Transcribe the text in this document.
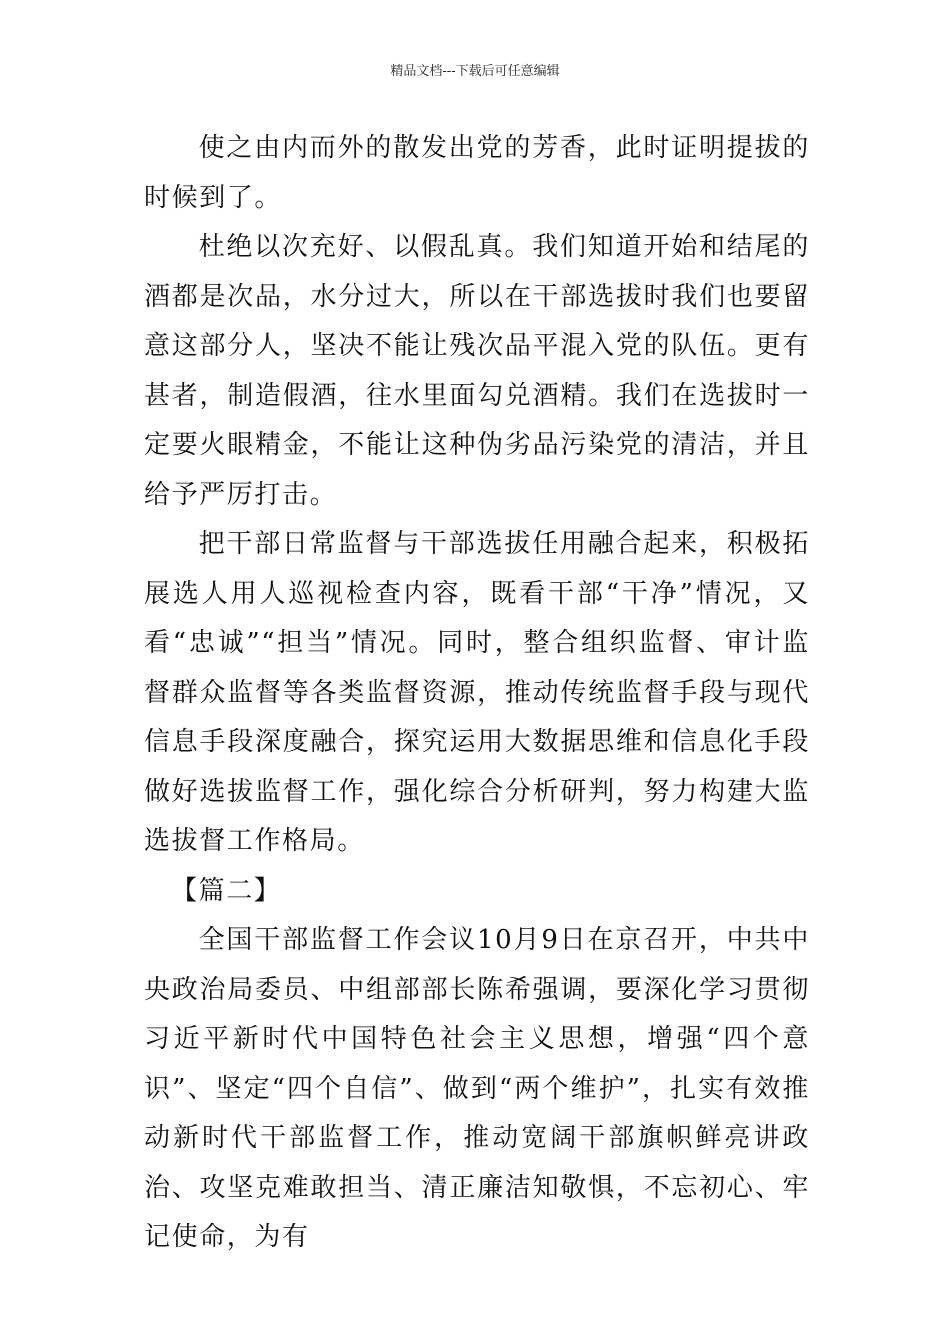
精品文档---下载后可任意编辑

使之由内而外的散发出党的芳香，此时证明提拔的时候到了。

杜绝以次充好、以假乱真。我们知道开始和结尾的酒都是次品，水分过大，所以在干部选拔时我们也要留意这部分人，坚决不能让残次品平混入党的队伍。更有甚者，制造假酒，往水里面勾兑酒精。我们在选拔时一定要火眼精金，不能让这种伪劣品污染党的清洁，并且给予严厉打击。

把干部日常监督与干部选拔任用融合起来，积极拓展选人用人巡视检查内容，既看干部“干净”情况，又看“忠诚”“担当”情况。同时，整合组织监督、审计监督群众监督等各类监督资源，推动传统监督手段与现代信息手段深度融合，探究运用大数据思维和信息化手段做好选拔监督工作，强化综合分析研判，努力构建大监选拔督工作格局。

【篇二】

全国干部监督工作会议10月9日在京召开，中共中央政治局委员、中组部部长陈希强调，要深化学习贯彻习近平新时代中国特色社会主义思想，增强“四个意识”、坚定“四个自信”、做到“两个维护”，扎实有效推动新时代干部监督工作，推动宽阔干部旗帜鲜亮讲政治、攻坚克难敢担当、清正廉洁知敬惧，不忘初心、牢记使命，为有
